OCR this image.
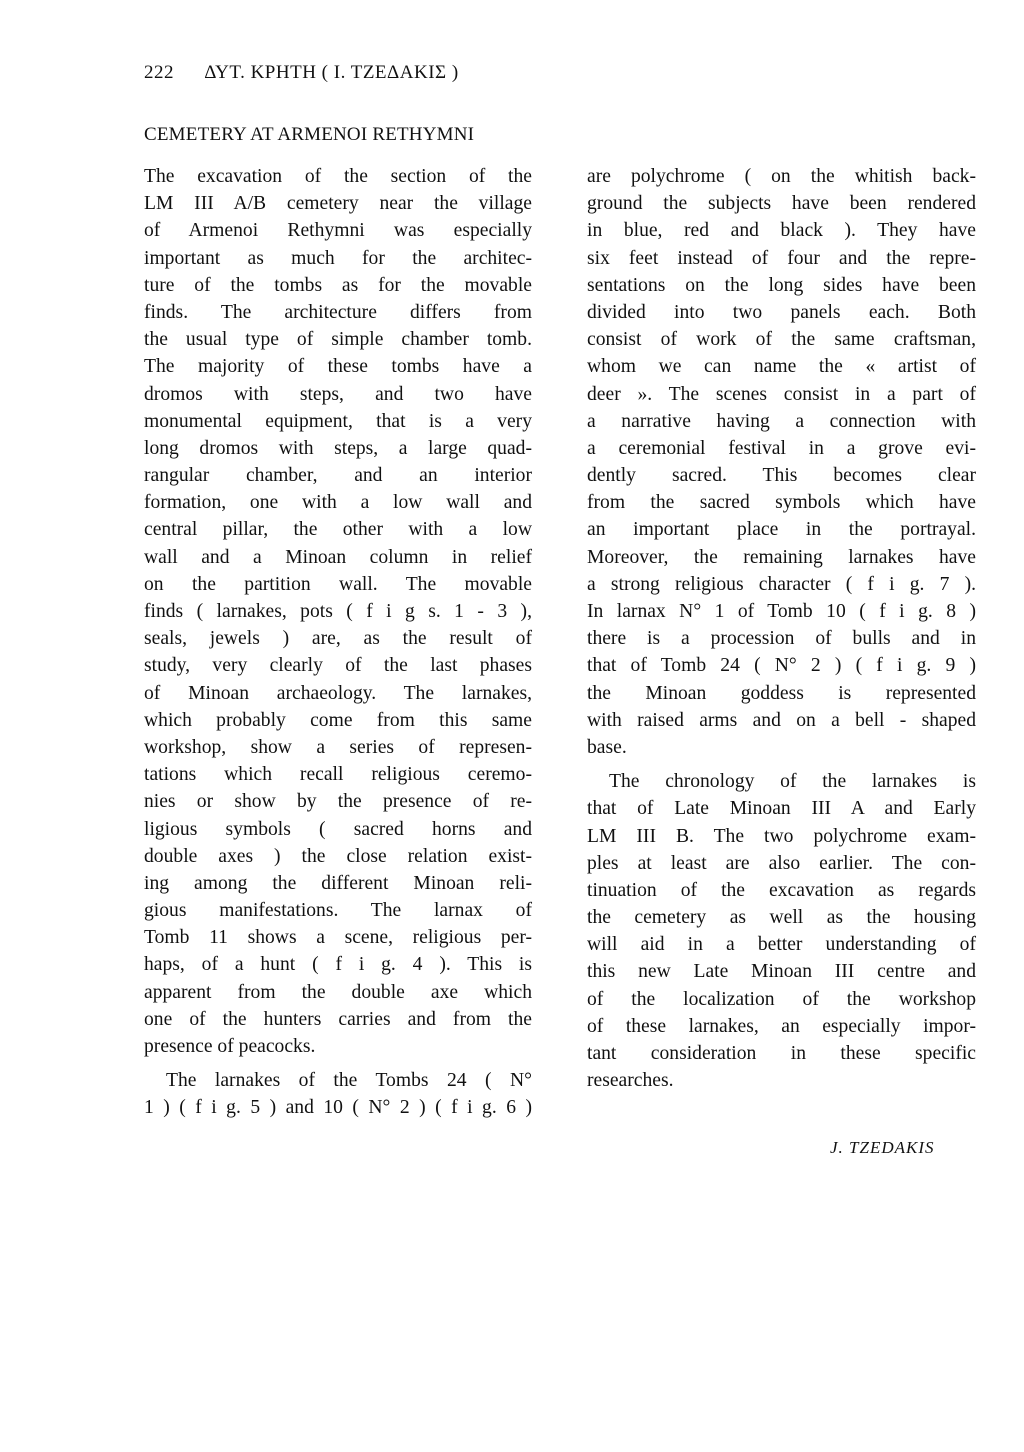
222 ΔΥΤ. ΚΡΗΤΗ ( Ι. ΤΖΕΔΑΚΙΣ )
CEMETERY AT ARMENOI RETHYMNI
The excavation of the section of the
LM III A/B cemetery near the village
of Armenoi Rethymni was especially
important as much for the architec-
ture of the tombs as for the movable
finds. The architecture differs from
the usual type of simple chamber tomb.
The majority of these tombs have a
dromos with steps, and two have
monumental equipment, that is a very
long dromos with steps, a large quad-
rangular chamber, and an interior
formation, one with a low wall and
central pillar, the other with a low
wall and a Minoan column in relief
on the partition wall. The movable
finds ( larnakes, pots ( f i g s. 1 - 3 ),
seals, jewels ) are, as the result of
study, very clearly of the last phases
of Minoan archaeology. The larnakes,
which probably come from this same
workshop, show a series of represen-
tations which recall religious ceremo-
nies or show by the presence of re-
ligious symbols ( sacred horns and
double axes ) the close relation exist-
ing among the different Minoan reli-
gious manifestations. The larnax of
Tomb 11 shows a scene, religious per-
haps, of a hunt ( f i g. 4 ). This is
apparent from the double axe which
one of the hunters carries and from the
presence of peacocks.
The larnakes of the Tombs 24 ( N°
1 ) ( f i g. 5 ) and 10 ( N° 2 ) ( f i g. 6 )
are polychrome ( on the whitish back-
ground the subjects have been rendered
in blue, red and black ). They have
six feet instead of four and the repre-
sentations on the long sides have been
divided into two panels each. Both
consist of work of the same craftsman,
whom we can name the « artist of
deer ». The scenes consist in a part of
a narrative having a connection with
a ceremonial festival in a grove evi-
dently sacred. This becomes clear
from the sacred symbols which have
an important place in the portrayal.
Moreover, the remaining larnakes have
a strong religious character ( f i g. 7 ).
In larnax N° 1 of Tomb 10 ( f i g. 8 )
there is a procession of bulls and in
that of Tomb 24 ( N° 2 ) ( f i g. 9 )
the Minoan goddess is represented
with raised arms and on a bell - shaped
base.
The chronology of the larnakes is
that of Late Minoan III A and Early
LM III B. The two polychrome exam-
ples at least are also earlier. The con-
tinuation of the excavation as regards
the cemetery as well as the housing
will aid in a better understanding of
this new Late Minoan III centre and
of the localization of the workshop
of these larnakes, an especially impor-
tant consideration in these specific
researches.
J. TZEDAKIS
